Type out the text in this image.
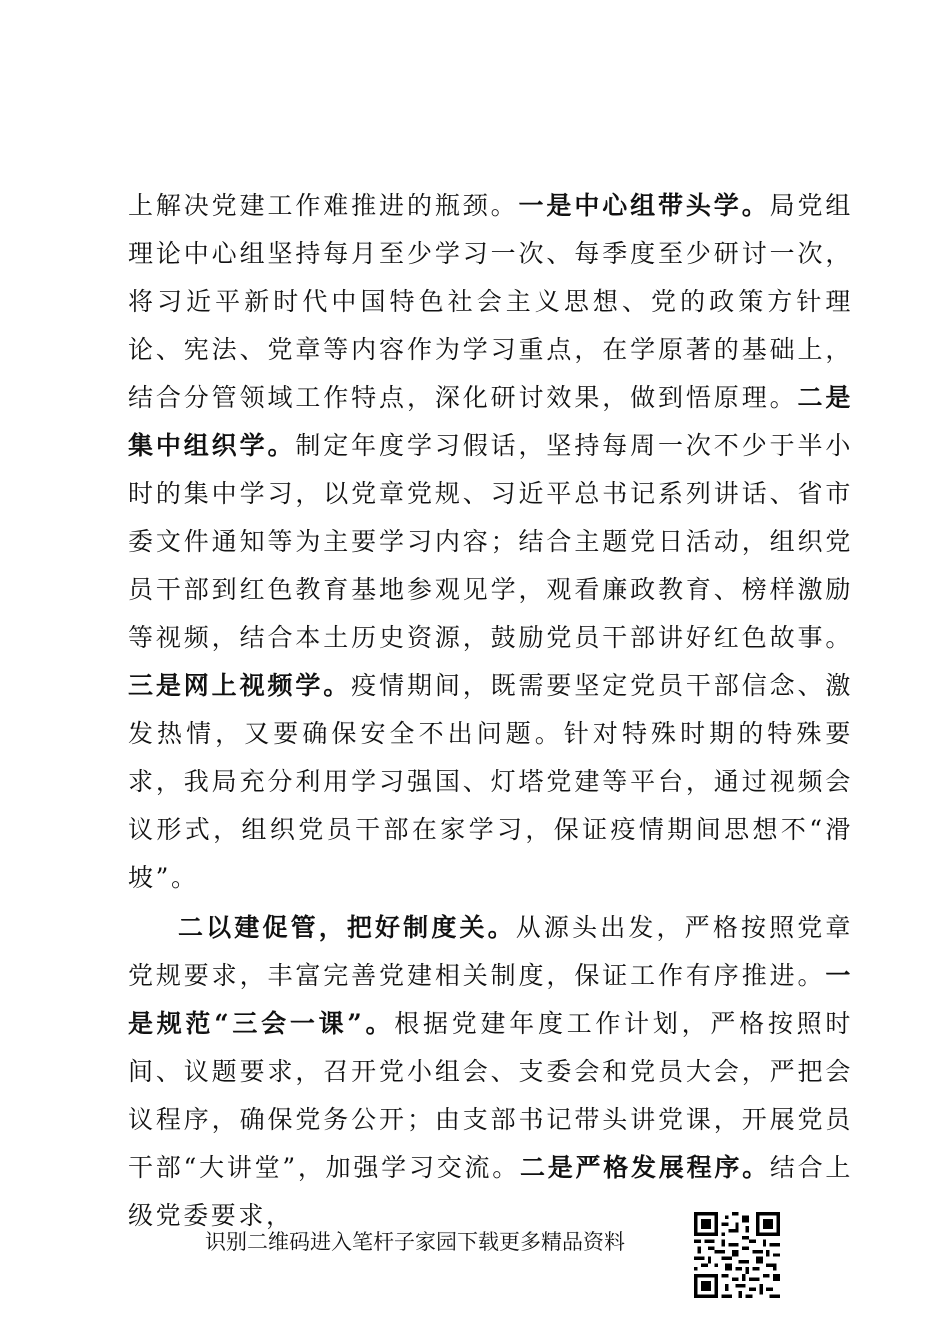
上解决党建工作难推进的瓶颈。一是中心组带头学。局党组理论中心组坚持每月至少学习一次、每季度至少研讨一次，将习近平新时代中国特色社会主义思想、党的政策方针理论、宪法、党章等内容作为学习重点，在学原著的基础上，结合分管领域工作特点，深化研讨效果，做到悟原理。二是集中组织学。制定年度学习假话，坚持每周一次不少于半小时的集中学习，以党章党规、习近平总书记系列讲话、省市委文件通知等为主要学习内容；结合主题党日活动，组织党员干部到红色教育基地参观见学，观看廉政教育、榜样激励等视频，结合本土历史资源，鼓励党员干部讲好红色故事。三是网上视频学。疫情期间，既需要坚定党员干部信念、激发热情，又要确保安全不出问题。针对特殊时期的特殊要求，我局充分利用学习强国、灯塔党建等平台，通过视频会议形式，组织党员干部在家学习，保证疫情期间思想不“滑坡”。

二以建促管，把好制度关。从源头出发，严格按照党章党规要求，丰富完善党建相关制度，保证工作有序推进。一是规范“三会一课”。根据党建年度工作计划，严格按照时间、议题要求，召开党小组会、支委会和党员大会，严把会议程序，确保党务公开；由支部书记带头讲党课，开展党员干部“大讲堂”，加强学习交流。二是严格发展程序。结合上级党委要求，

识别二维码进入笔杆子家园下载更多精品资料
